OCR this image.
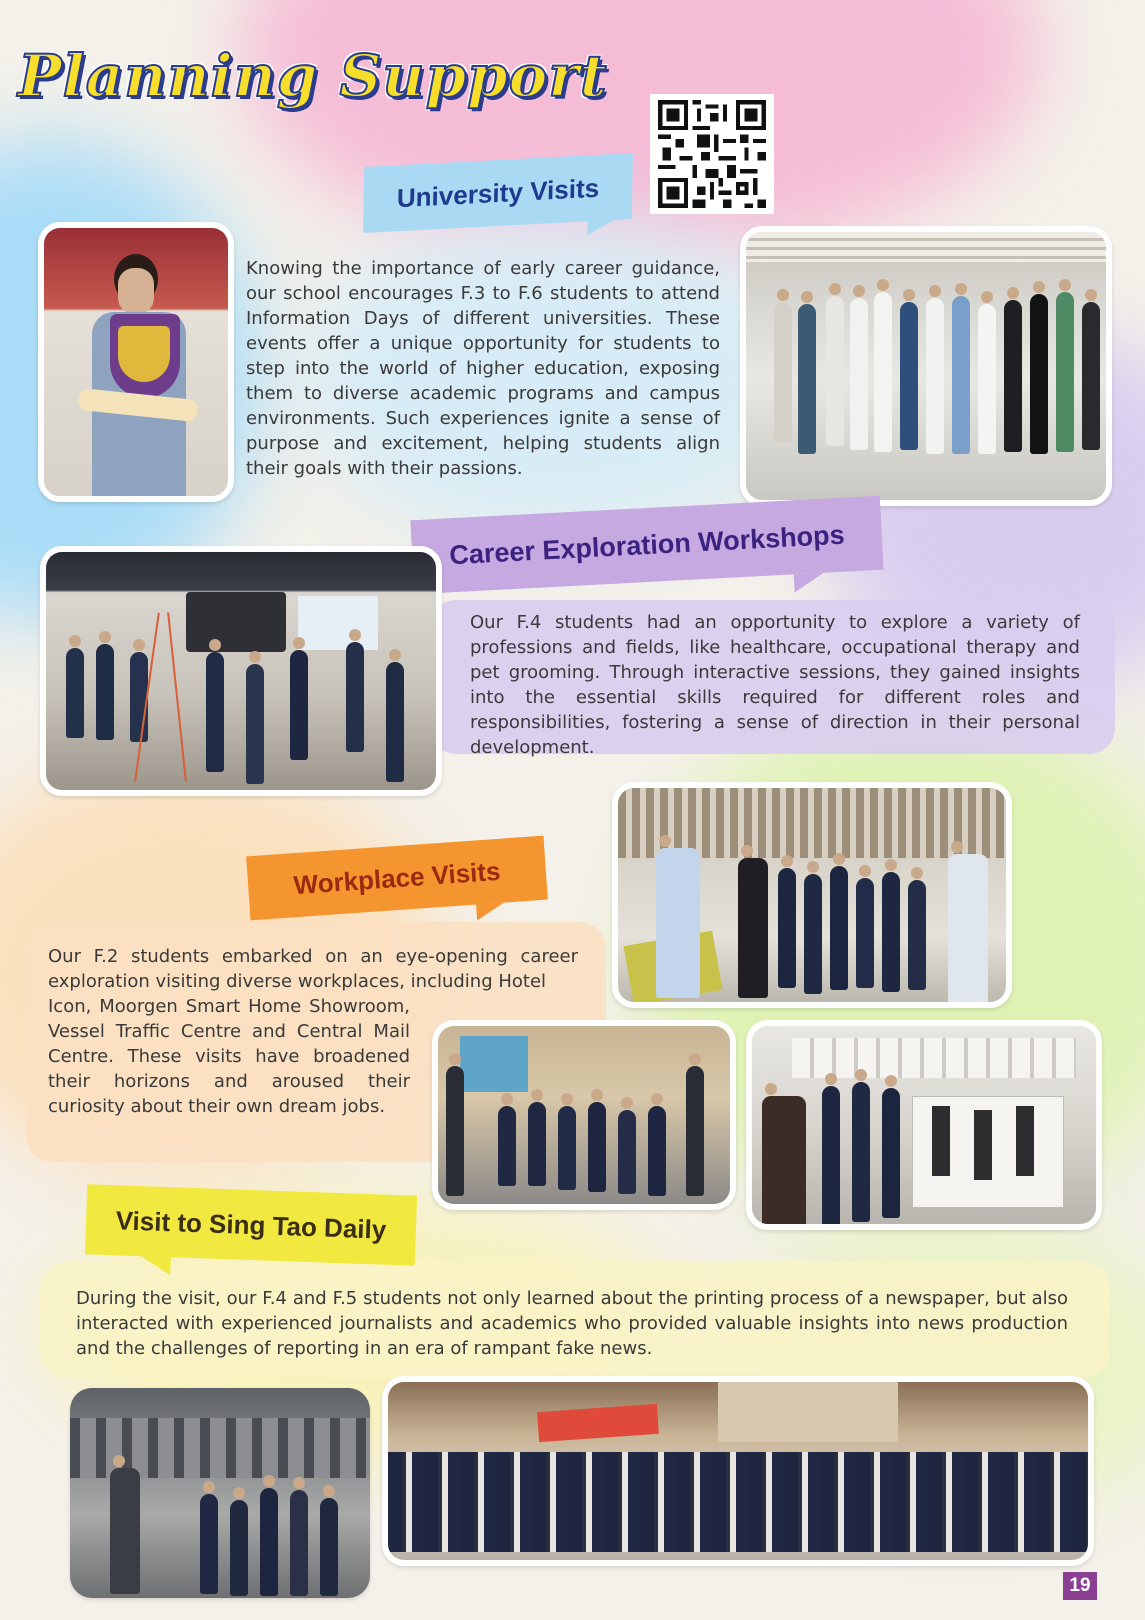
Planning Support
University Visits

Knowing the importance of early career guidance, our school encourages F.3 to F.6 students to attend Information Days of different universities. These events offer a unique opportunity for students to step into the world of higher education, exposing them to diverse academic programs and campus environments. Such experiences ignite a sense of purpose and excitement, helping students align their goals with their passions.

Career Exploration Workshops

Our F.4 students had an opportunity to explore a variety of professions and fields, like healthcare, occupational therapy and pet grooming. Through interactive sessions, they gained insights into the essential skills required for different roles and responsibilities, fostering a sense of direction in their personal development.

Workplace Visits

Our F.2 students embarked on an eye-opening career exploration visiting diverse workplaces, including Hotel

Icon, Moorgen Smart Home Showroom, Vessel Traffic Centre and Central Mail Centre. These visits have broadened their horizons and aroused their curiosity about their own dream jobs.

Visit to Sing Tao Daily

During the visit, our F.4 and F.5 students not only learned about the printing process of a newspaper, but also interacted with experienced journalists and academics who provided valuable insights into news production and the challenges of reporting in an era of rampant fake news.

19
